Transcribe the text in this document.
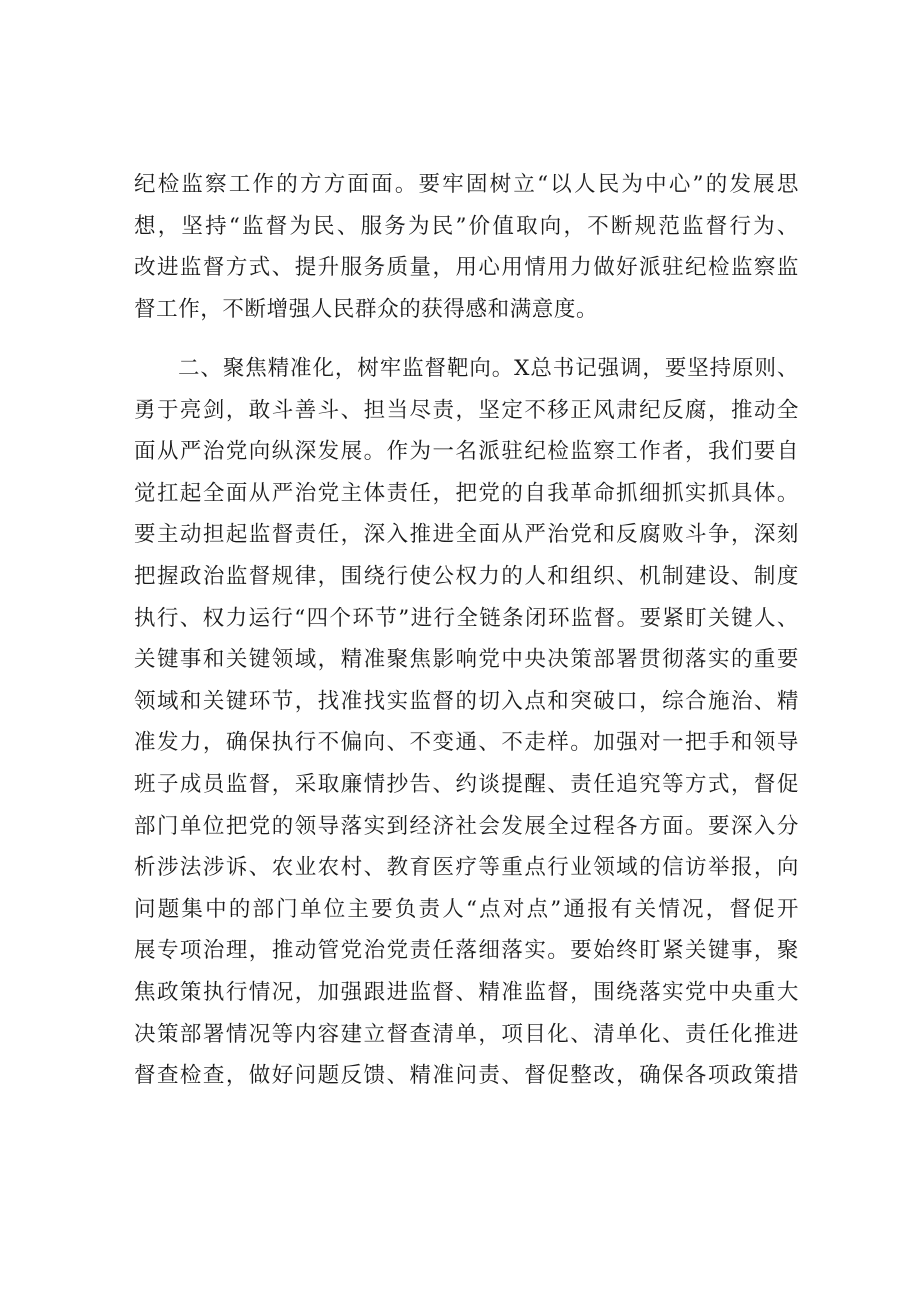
纪检监察工作的方方面面。要牢固树立“以人民为中心”的发展思
想，坚持“监督为民、服务为民”价值取向，不断规范监督行为、
改进监督方式、提升服务质量，用心用情用力做好派驻纪检监察监
督工作，不断增强人民群众的获得感和满意度。
二、聚焦精准化，树牢监督靶向。X总书记强调，要坚持原则、
勇于亮剑，敢斗善斗、担当尽责，坚定不移正风肃纪反腐，推动全
面从严治党向纵深发展。作为一名派驻纪检监察工作者，我们要自
觉扛起全面从严治党主体责任，把党的自我革命抓细抓实抓具体。
要主动担起监督责任，深入推进全面从严治党和反腐败斗争，深刻
把握政治监督规律，围绕行使公权力的人和组织、机制建设、制度
执行、权力运行“四个环节”进行全链条闭环监督。要紧盯关键人、
关键事和关键领域，精准聚焦影响党中央决策部署贯彻落实的重要
领域和关键环节，找准找实监督的切入点和突破口，综合施治、精
准发力，确保执行不偏向、不变通、不走样。加强对一把手和领导
班子成员监督，采取廉情抄告、约谈提醒、责任追究等方式，督促
部门单位把党的领导落实到经济社会发展全过程各方面。要深入分
析涉法涉诉、农业农村、教育医疗等重点行业领域的信访举报，向
问题集中的部门单位主要负责人“点对点”通报有关情况，督促开
展专项治理，推动管党治党责任落细落实。要始终盯紧关键事，聚
焦政策执行情况，加强跟进监督、精准监督，围绕落实党中央重大
决策部署情况等内容建立督查清单，项目化、清单化、责任化推进
督查检查，做好问题反馈、精准问责、督促整改，确保各项政策措
